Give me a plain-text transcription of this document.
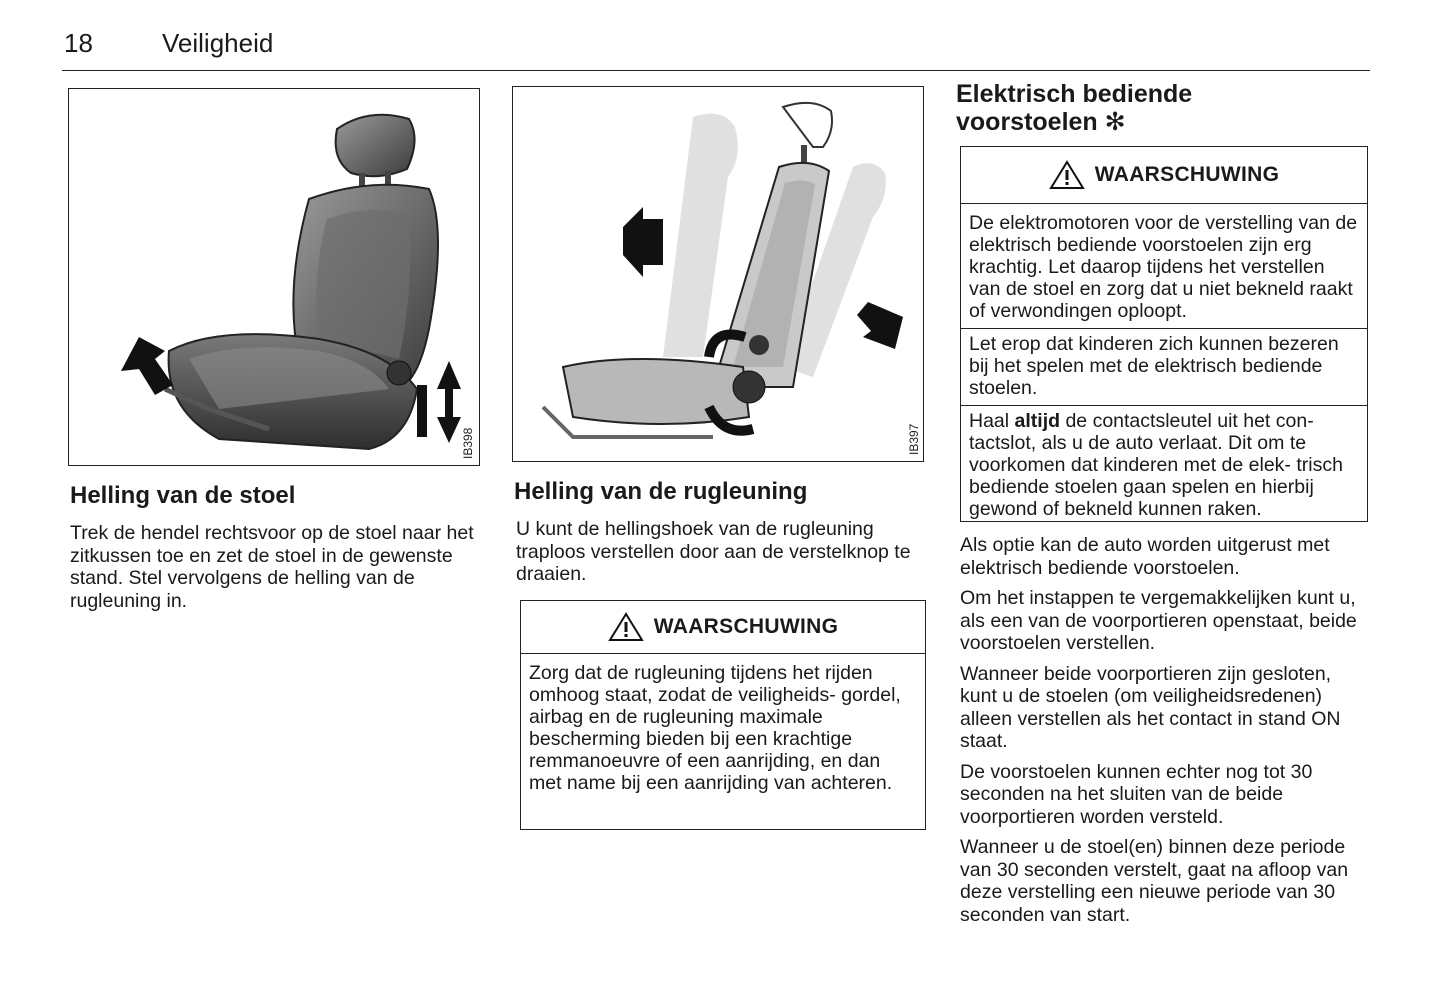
18	Veiligheid
IB398	IB397
Helling van de stoel
Trek de hendel rechtsvoor op de stoel naar het zitkussen toe en zet de stoel in de gewenste stand. Stel vervolgens de helling van de rugleuning in.
Helling van de rugleuning
U kunt de hellingshoek van de rugleuning traploos verstellen door aan de verstelknop te draaien.
WAARSCHUWING

Zorg dat de rugleuning tijdens het rijden omhoog staat, zodat de veiligheids- gordel, airbag en de rugleuning maximale bescherming bieden bij een krachtige remmanoeuvre of een aanrijding, en dan met name bij een aanrijding van achteren.

Elektrisch bediende
voorstoelen ✻
WAARSCHUWING

De elektromotoren voor de verstelling van de elektrisch bediende voorstoelen zijn erg krachtig. Let daarop tijdens het verstellen van de stoel en zorg dat u niet bekneld raakt of verwondingen oploopt.

Let erop dat kinderen zich kunnen bezeren bij het spelen met de elektrisch bediende stoelen.

Haal altijd de contactsleutel uit het con- tactslot, als u de auto verlaat. Dit om te voorkomen dat kinderen met de elek- trisch bediende stoelen gaan spelen en hierbij gewond of bekneld kunnen raken.

Als optie kan de auto worden uitgerust met elektrisch bediende voorstoelen.

Om het instappen te vergemakkelijken kunt u, als een van de voorportieren openstaat, beide voorstoelen verstellen.

Wanneer beide voorportieren zijn gesloten, kunt u de stoelen (om veiligheidsredenen) alleen verstellen als het contact in stand ON staat.

De voorstoelen kunnen echter nog tot 30 seconden na het sluiten van de beide voorportieren worden versteld.

Wanneer u de stoel(en) binnen deze periode van 30 seconden verstelt, gaat na afloop van deze verstelling een nieuwe periode van 30 seconden van start.
